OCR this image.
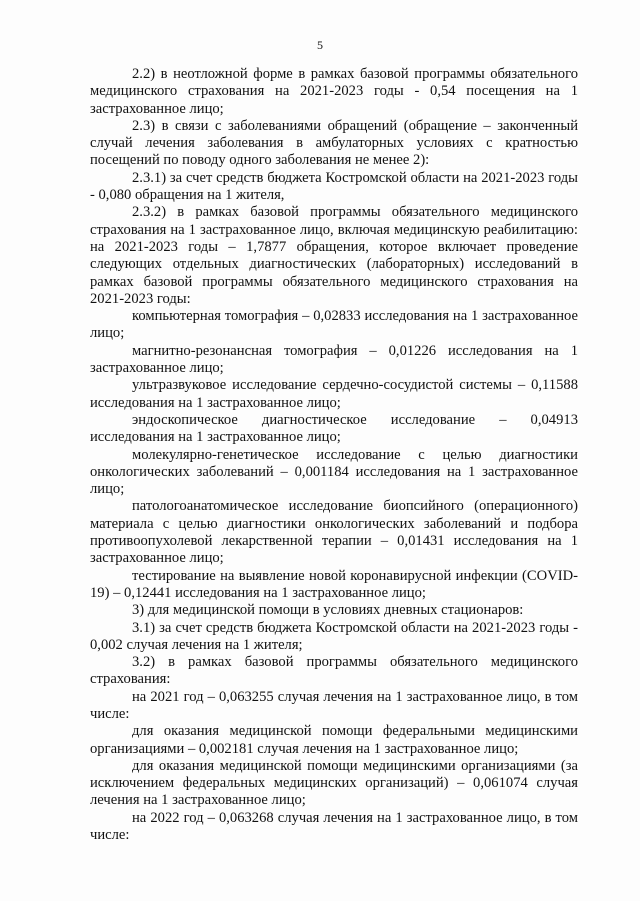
5

2.2) в неотложной форме в рамках базовой программы обязательного медицинского страхования на 2021-2023 годы - 0,54 посещения на 1 застрахованное лицо;

2.3) в связи с заболеваниями обращений (обращение – законченный случай лечения заболевания в амбулаторных условиях с кратностью посещений по поводу одного заболевания не менее 2):

2.3.1) за счет средств бюджета Костромской области на 2021-2023 годы - 0,080 обращения на 1 жителя,

2.3.2) в рамках базовой программы обязательного медицинского страхования на 1 застрахованное лицо, включая медицинскую реабилитацию: на 2021-2023 годы – 1,7877 обращения, которое включает проведение следующих отдельных диагностических (лабораторных) исследований в рамках базовой программы обязательного медицинского страхования на 2021-2023 годы:

компьютерная томография – 0,02833 исследования на 1 застрахованное лицо;

магнитно-резонансная томография – 0,01226 исследования на 1 застрахованное лицо;

ультразвуковое исследование сердечно-сосудистой системы – 0,11588 исследования на 1 застрахованное лицо;

эндоскопическое диагностическое исследование – 0,04913 исследования на 1 застрахованное лицо;

молекулярно-генетическое исследование с целью диагностики онкологических заболеваний – 0,001184 исследования на 1 застрахованное лицо;

патологоанатомическое исследование биопсийного (операционного) материала с целью диагностики онкологических заболеваний и подбора противоопухолевой лекарственной терапии – 0,01431 исследования на 1 застрахованное лицо;

тестирование на выявление новой коронавирусной инфекции (COVID-19) – 0,12441 исследования на 1 застрахованное лицо;

3) для медицинской помощи в условиях дневных стационаров:

3.1) за счет средств бюджета Костромской области на 2021-2023 годы - 0,002 случая лечения на 1 жителя;

3.2) в рамках базовой программы обязательного медицинского страхования:

на 2021 год – 0,063255 случая лечения на 1 застрахованное лицо, в том числе:

для оказания медицинской помощи федеральными медицинскими организациями – 0,002181 случая лечения на 1 застрахованное лицо;

для оказания медицинской помощи медицинскими организациями (за исключением федеральных медицинских организаций) – 0,061074 случая лечения на 1 застрахованное лицо;

на 2022 год – 0,063268 случая лечения на 1 застрахованное лицо, в том числе:
